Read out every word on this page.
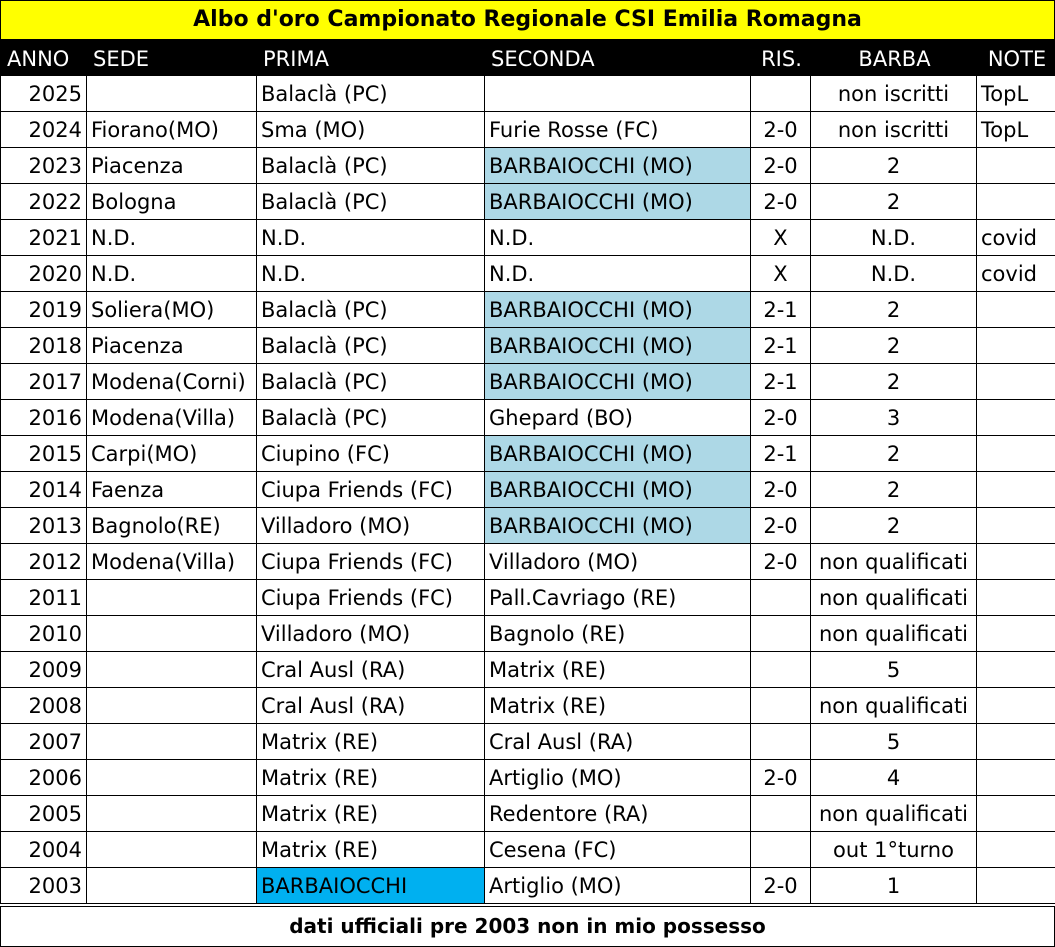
Albo d'oro Campionato Regionale CSI Emilia Romagna
ANNO	SEDE	PRIMA	SECONDA	RIS.	BARBA	NOTE
2025		Balaclà (PC)			non iscritti	TopL
2024	Fiorano(MO)	Sma (MO)	Furie Rosse (FC)	2-0	non iscritti	TopL
2023	Piacenza	Balaclà (PC)	BARBAIOCCHI (MO)	2-0	2	
2022	Bologna	Balaclà (PC)	BARBAIOCCHI (MO)	2-0	2	
2021	N.D.	N.D.	N.D.	X	N.D.	covid
2020	N.D.	N.D.	N.D.	X	N.D.	covid
2019	Soliera(MO)	Balaclà (PC)	BARBAIOCCHI (MO)	2-1	2	
2018	Piacenza	Balaclà (PC)	BARBAIOCCHI (MO)	2-1	2	
2017	Modena(Corni)	Balaclà (PC)	BARBAIOCCHI (MO)	2-1	2	
2016	Modena(Villa)	Balaclà (PC)	Ghepard (BO)	2-0	3	
2015	Carpi(MO)	Ciupino (FC)	BARBAIOCCHI (MO)	2-1	2	
2014	Faenza	Ciupa Friends (FC)	BARBAIOCCHI (MO)	2-0	2	
2013	Bagnolo(RE)	Villadoro (MO)	BARBAIOCCHI (MO)	2-0	2	
2012	Modena(Villa)	Ciupa Friends (FC)	Villadoro (MO)	2-0	non qualificati	
2011		Ciupa Friends (FC)	Pall.Cavriago (RE)		non qualificati	
2010		Villadoro (MO)	Bagnolo (RE)		non qualificati	
2009		Cral Ausl (RA)	Matrix (RE)		5	
2008		Cral Ausl (RA)	Matrix (RE)		non qualificati	
2007		Matrix (RE)	Cral Ausl (RA)		5	
2006		Matrix (RE)	Artiglio (MO)	2-0	4	
2005		Matrix (RE)	Redentore (RA)		non qualificati	
2004		Matrix (RE)	Cesena (FC)		out 1°turno	
2003		BARBAIOCCHI	Artiglio (MO)	2-0	1	
dati ufficiali pre 2003 non in mio possesso
